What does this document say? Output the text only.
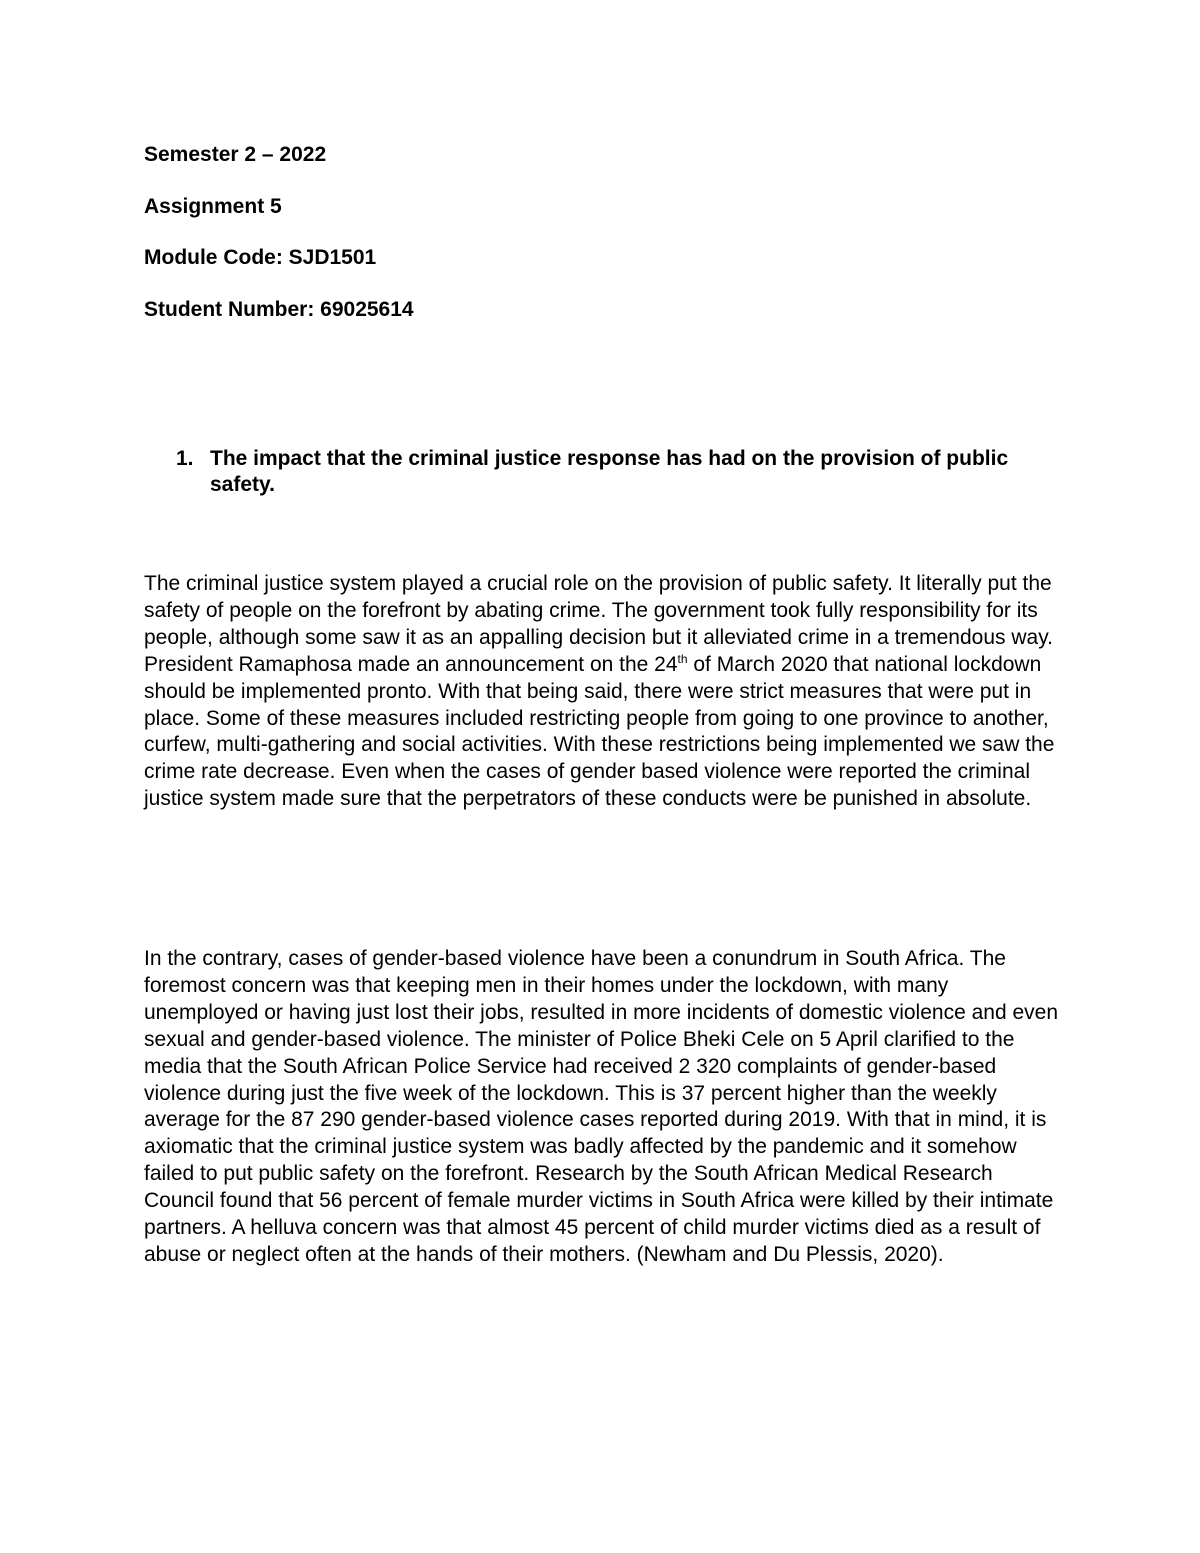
Semester 2 – 2022

Assignment 5

Module Code: SJD1501

Student Number: 69025614

1. The impact that the criminal justice response has had on the provision of public safety.

The criminal justice system played a crucial role on the provision of public safety. It literally put the safety of people on the forefront by abating crime. The government took fully responsibility for its people, although some saw it as an appalling decision but it alleviated crime in a tremendous way. President Ramaphosa made an announcement on the 24th of March 2020 that national lockdown should be implemented pronto. With that being said, there were strict measures that were put in place. Some of these measures included restricting people from going to one province to another, curfew, multi-gathering and social activities. With these restrictions being implemented we saw the crime rate decrease. Even when the cases of gender based violence were reported the criminal justice system made sure that the perpetrators of these conducts were be punished in absolute.

In the contrary, cases of gender-based violence have been a conundrum in South Africa. The foremost concern was that keeping men in their homes under the lockdown, with many unemployed or having just lost their jobs, resulted in more incidents of domestic violence and even sexual and gender-based violence. The minister of Police Bheki Cele on 5 April clarified to the media that the South African Police Service had received 2 320 complaints of gender-based violence during just the five week of the lockdown. This is 37 percent higher than the weekly average for the 87 290 gender-based violence cases reported during 2019. With that in mind, it is axiomatic that the criminal justice system was badly affected by the pandemic and it somehow failed to put public safety on the forefront. Research by the South African Medical Research Council found that 56 percent of female murder victims in South Africa were killed by their intimate partners. A helluva concern was that almost 45 percent of child murder victims died as a result of abuse or neglect often at the hands of their mothers. (Newham and Du Plessis, 2020).
